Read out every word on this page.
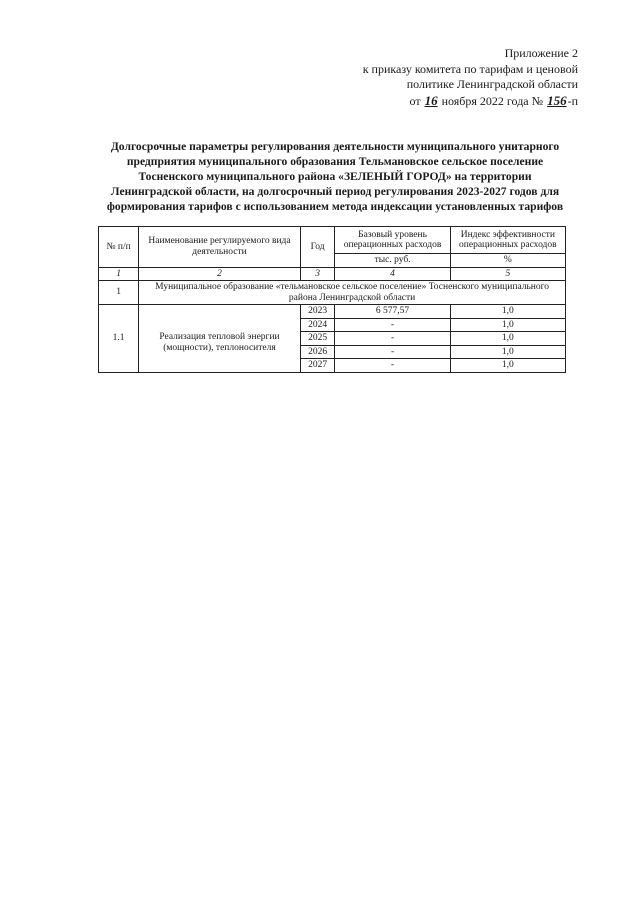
Приложение 2
к приказу комитета по тарифам и ценовой
политике Ленинградской области
от 16 ноября 2022 года № 156-п
Долгосрочные параметры регулирования деятельности муниципального унитарного
предприятия муниципального образования Тельмановское сельское поселение
Тосненского муниципального района «ЗЕЛЕНЫЙ ГОРОД» на территории
Ленинградской области, на долгосрочный период регулирования 2023-2027 годов для
формирования тарифов с использованием метода индексации установленных тарифов
№ п/п	Наименование регулируемого вида деятельности	Год	Базовый уровень операционных расходов	Индекс эффективности операционных расходов
			тыс. руб.	%
1	2	3	4	5
1	Муниципальное образование «тельмановское сельское поселение» Тосненского муниципального района Ленинградской области			
1.1	Реализация тепловой энергии (мощности), теплоносителя	2023	6 577,57	1,0
		2024	-	1,0
		2025	-	1,0
		2026	-	1,0
		2027	-	1,0
